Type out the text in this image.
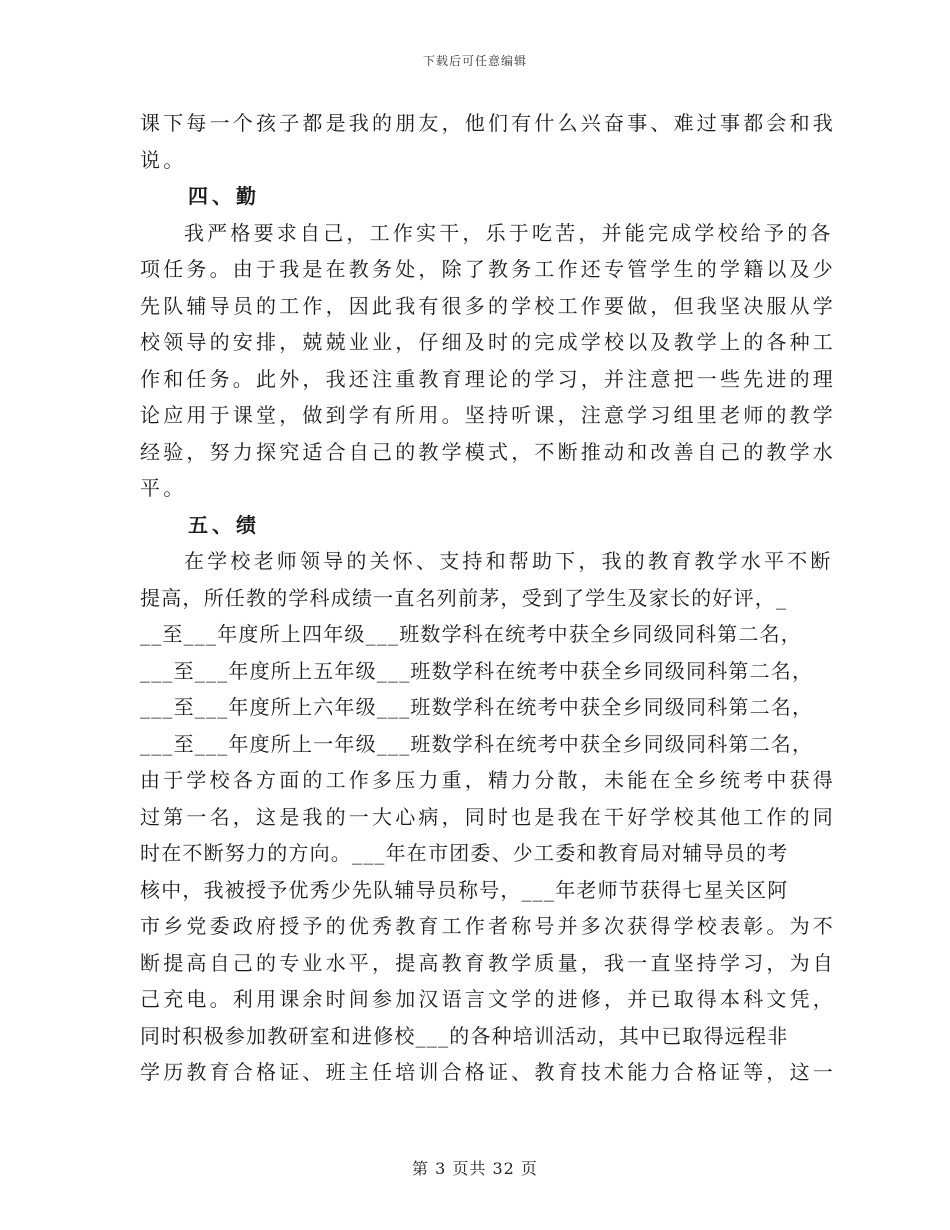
下载后可任意编辑
课下每一个孩子都是我的朋友，他们有什么兴奋事、难过事都会和我
说。
四、勤
我严格要求自己，工作实干，乐于吃苦，并能完成学校给予的各
项任务。由于我是在教务处，除了教务工作还专管学生的学籍以及少
先队辅导员的工作，因此我有很多的学校工作要做，但我坚决服从学
校领导的安排，兢兢业业，仔细及时的完成学校以及教学上的各种工
作和任务。此外，我还注重教育理论的学习，并注意把一些先进的理
论应用于课堂，做到学有所用。坚持听课，注意学习组里老师的教学
经验，努力探究适合自己的教学模式，不断推动和改善自己的教学水
平。
五、绩
在学校老师领导的关怀、支持和帮助下，我的教育教学水平不断
提高，所任教的学科成绩一直名列前茅，受到了学生及家长的好评，_
__至___年度所上四年级___班数学科在统考中获全乡同级同科第二名，
___至___年度所上五年级___班数学科在统考中获全乡同级同科第二名，
___至___年度所上六年级___班数学科在统考中获全乡同级同科第二名，
___至___年度所上一年级___班数学科在统考中获全乡同级同科第二名，
由于学校各方面的工作多压力重，精力分散，未能在全乡统考中获得
过第一名，这是我的一大心病，同时也是我在干好学校其他工作的同
时在不断努力的方向。___年在市团委、少工委和教育局对辅导员的考
核中，我被授予优秀少先队辅导员称号，___年老师节获得七星关区阿
市乡党委政府授予的优秀教育工作者称号并多次获得学校表彰。为不
断提高自己的专业水平，提高教育教学质量，我一直坚持学习，为自
己充电。利用课余时间参加汉语言文学的进修，并已取得本科文凭，
同时积极参加教研室和进修校___的各种培训活动，其中已取得远程非
学历教育合格证、班主任培训合格证、教育技术能力合格证等，这一
第 3 页共 32 页
